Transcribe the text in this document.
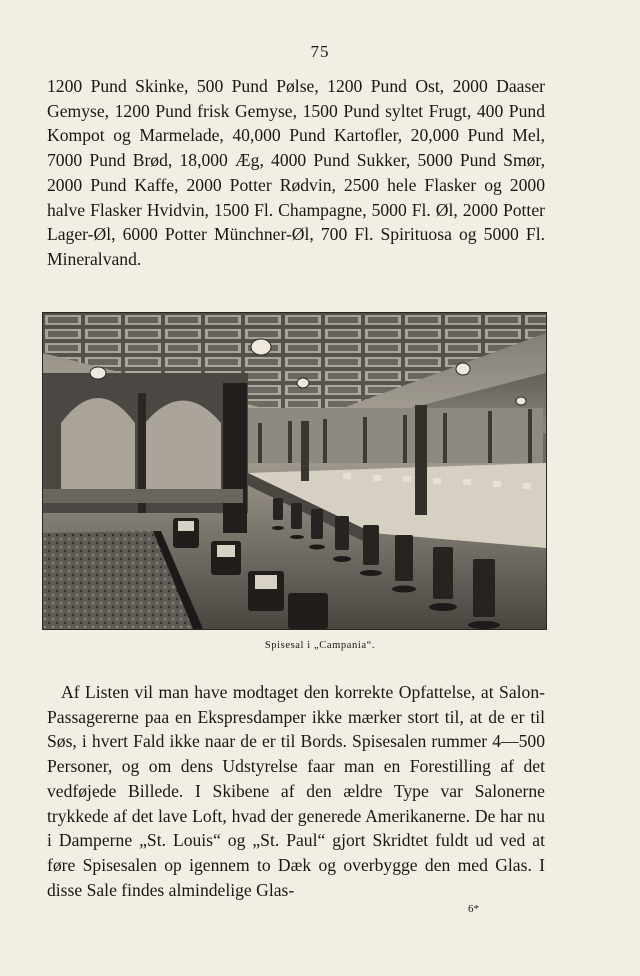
75
1200 Pund Skinke, 500 Pund Pølse, 1200 Pund Ost, 2000 Daaser Gemyse, 1200 Pund frisk Gemyse, 1500 Pund syltet Frugt, 400 Pund Kompot og Marmelade, 40,000 Pund Kartofler, 20,000 Pund Mel, 7000 Pund Brød, 18,000 Æg, 4000 Pund Sukker, 5000 Pund Smør, 2000 Pund Kaffe, 2000 Potter Rødvin, 2500 hele Flasker og 2000 halve Flasker Hvidvin, 1500 Fl. Champagne, 5000 Fl. Øl, 2000 Potter Lager-Øl, 6000 Potter Münchner-Øl, 700 Fl. Spirituosa og 5000 Fl. Mineralvand.
Spisesal i „Campania“.
Af Listen vil man have modtaget den korrekte Opfattelse, at Salon-Passagererne paa en Ekspresdamper ikke mærker stort til, at de er til Søs, i hvert Fald ikke naar de er til Bords. Spisesalen rummer 4—500 Personer, og om dens Udstyrelse faar man en Forestilling af det vedføjede Billede. I Skibene af den ældre Type var Salonerne trykkede af det lave Loft, hvad der generede Amerikanerne. De har nu i Damperne „St. Louis“ og „St. Paul“ gjort Skridtet fuldt ud ved at føre Spisesalen op igennem to Dæk og overbygge den med Glas. I disse Sale findes almindelige Glas-
6*
